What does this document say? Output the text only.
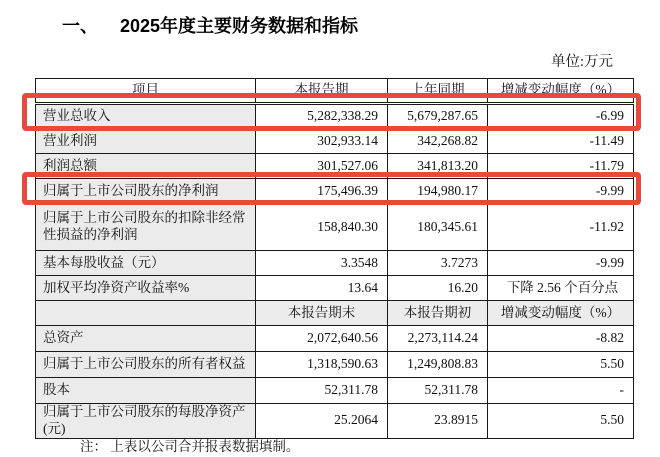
一、 2025年度主要财务数据和指标
单位:万元
项目	本报告期	上年同期	增减变动幅度（%）
营业总收入	5,282,338.29	5,679,287.65	-6.99
营业利润	302,933.14	342,268.82	-11.49
利润总额	301,527.06	341,813.20	-11.79
归属于上市公司股东的净利润	175,496.39	194,980.17	-9.99
归属于上市公司股东的扣除非经常性损益的净利润	158,840.30	180,345.61	-11.92
基本每股收益（元）	3.3548	3.7273	-9.99
加权平均净资产收益率%	13.64	16.20	下降 2.56 个百分点
	本报告期末	本报告期初	增减变动幅度（%）
总资产	2,072,640.56	2,273,114.24	-8.82
归属于上市公司股东的所有者权益	1,318,590.63	1,249,808.83	5.50
股本	52,311.78	52,311.78	-
归属于上市公司股东的每股净资产(元)	25.2064	23.8915	5.50
注： 上表以公司合并报表数据填制。
